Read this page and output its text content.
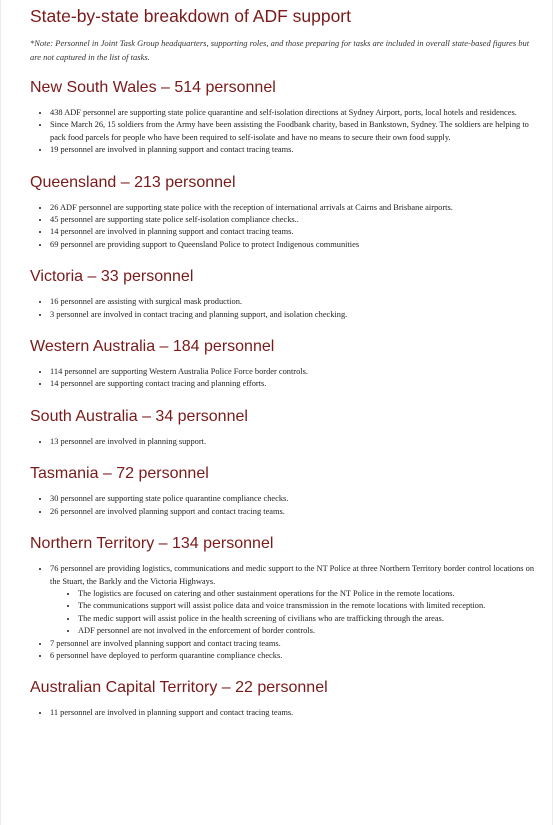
State-by-state breakdown of ADF support

*Note: Personnel in Joint Task Group headquarters, supporting roles, and those preparing for tasks are included in overall state-based figures but are not captured in the list of tasks.

New South Wales – 514 personnel
▪ 438 ADF personnel are supporting state police quarantine and self-isolation directions at Sydney Airport, ports, local hotels and residences.
▪ Since March 26, 15 soldiers from the Army have been assisting the Foodbank charity, based in Bankstown, Sydney. The soldiers are helping to pack food parcels for people who have been required to self-isolate and have no means to secure their own food supply.
▪ 19 personnel are involved in planning support and contact tracing teams.
Queensland – 213 personnel
▪ 26 ADF personnel are supporting state police with the reception of international arrivals at Cairns and Brisbane airports.
▪ 45 personnel are supporting state police self-isolation compliance checks..
▪ 14 personnel are involved in planning support and contact tracing teams.
▪ 69 personnel are providing support to Queensland Police to protect Indigenous communities
Victoria – 33 personnel
▪ 16 personnel are assisting with surgical mask production.
▪ 3 personnel are involved in contact tracing and planning support, and isolation checking.
Western Australia – 184 personnel
▪ 114 personnel are supporting Western Australia Police Force border controls.
▪ 14 personnel are supporting contact tracing and planning efforts.
South Australia – 34 personnel
▪ 13 personnel are involved in planning support.
Tasmania – 72 personnel
▪ 30 personnel are supporting state police quarantine compliance checks.
▪ 26 personnel are involved planning support and contact tracing teams.
Northern Territory – 134 personnel
▪ 76 personnel are providing logistics, communications and medic support to the NT Police at three Northern Territory border control locations on the Stuart, the Barkly and the Victoria Highways.
▪ The logistics are focused on catering and other sustainment operations for the NT Police in the remote locations.
▪ The communications support will assist police data and voice transmission in the remote locations with limited reception.
▪ The medic support will assist police in the health screening of civilians who are trafficking through the areas.
▪ ADF personnel are not involved in the enforcement of border controls.
▪ 7 personnel are involved planning support and contact tracing teams.
▪ 6 personnel have deployed to perform quarantine compliance checks.
Australian Capital Territory – 22 personnel
▪ 11 personnel are involved in planning support and contact tracing teams.
